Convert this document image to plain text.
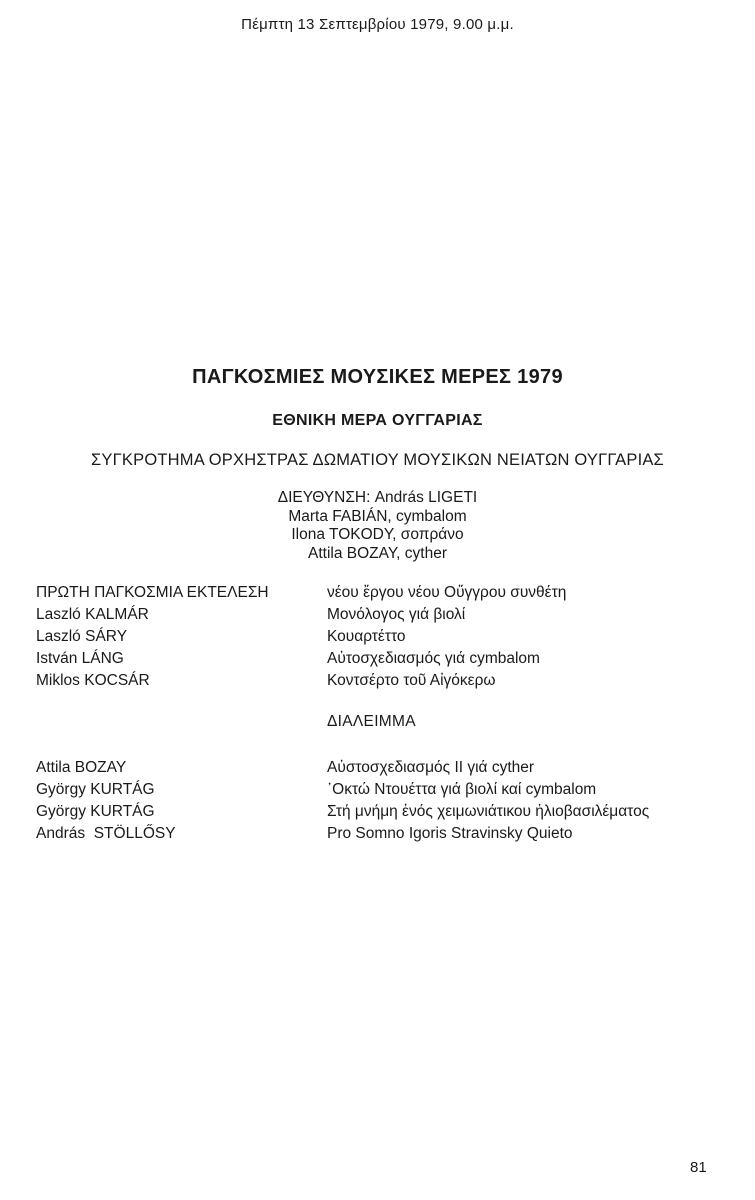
Πέμπτη 13 Σεπτεμβρίου 1979, 9.00 μ.μ.
ΠΑΓΚΟΣΜΙΕΣ ΜΟΥΣΙΚΕΣ ΜΕΡΕΣ 1979
ΕΘΝΙΚΗ ΜΕΡΑ ΟΥΓΓΑΡΙΑΣ
ΣΥΓΚΡΟΤΗΜΑ ΟΡΧΗΣΤΡΑΣ ΔΩΜΑΤΙΟΥ ΜΟΥΣΙΚΩΝ ΝΕΙΑΤΩΝ ΟΥΓΓΑΡΙΑΣ
ΔΙΕΥΘΥΝΣΗ: András LIGETI
Marta FABIÁN, cymbalom
Ilona TOKODY, σοπράνο
Attila BOZAY, cyther
ΠΡΩΤΗ ΠΑΓΚΟΣΜΙΑ ΕΚΤΕΛΕΣΗ	νέου ἔργου νέου Οὔγγρου συνθέτη
Laszló KALMÁR	Μονόλογος γιά βιολί
Laszló SÁRY	Κουαρτέττο
István LÁNG	Αὐτοσχεδιασμός γιά cymbalom
Miklos KOCSÁR	Κοντσέρτο τοῦ Αἰγόκερω
ΔΙΑΛΕΙΜΜΑ
Attila BOZAY	Αὐστοσχεδιασμός II γιά cyther
György KURTÁG	᾽Οκτώ Ντουέττα γιά βιολί καί cymbalom
György KURTÁG	Στή μνήμη ἑνός χειμωνιάτικου ἡλιοβασιλέματος
András  STÖLLŐSY	Pro Somno Igoris Stravinsky Quieto
81
